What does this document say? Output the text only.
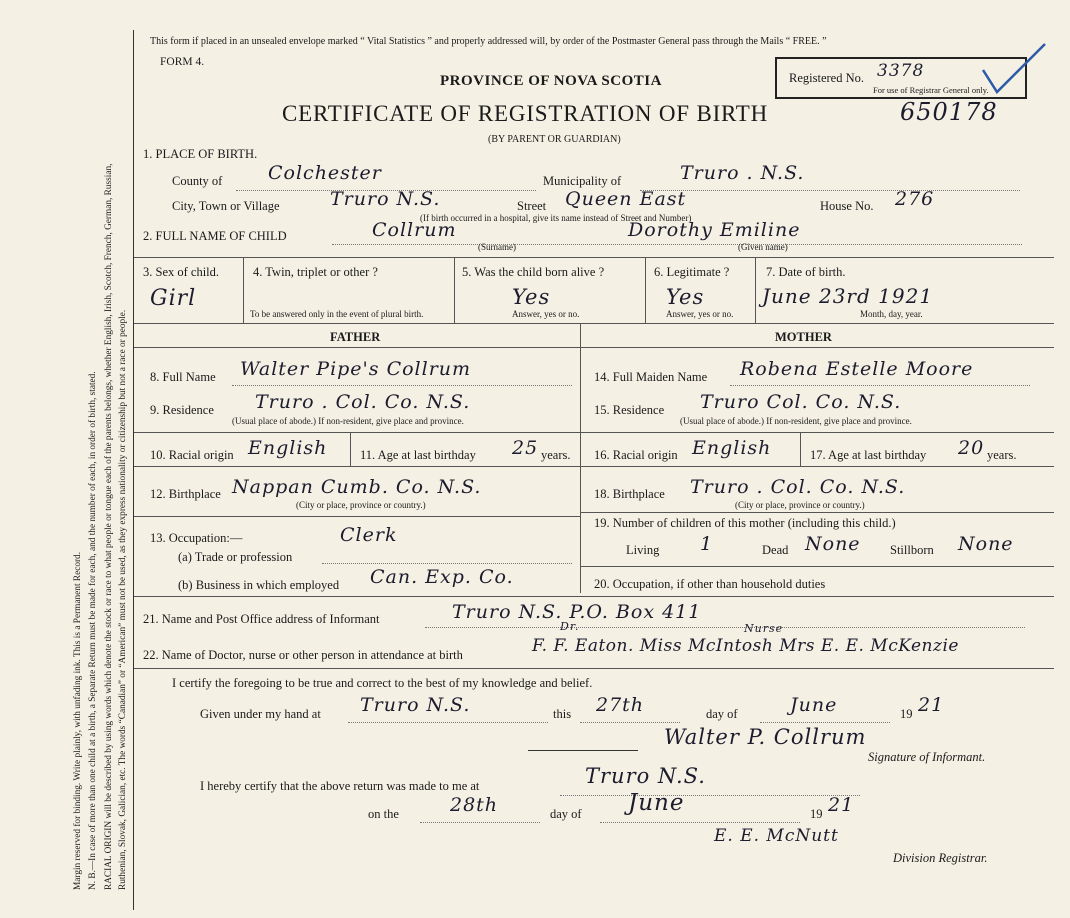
Margin reserved for binding. Write plainly, with unfading ink. This is a Permanent Record. N. B.—In case of more than one child at a birth, a Separate Return must be made for each, and the number of each, in order of birth, stated. RACIAL ORIGIN will be described by using words which denote the stock or race to what people or tongue each of the parents belongs, whether English, Irish, Scotch, French, German, Russian, Ruthenian, Slovak, Galician, etc. The words “Canadian” or “American” must not be used, as they express nationality or citizenship but not a race or people.
This form if placed in an unsealed envelope marked “ Vital Statistics ” and properly addressed will, by order of the Postmaster General pass through the Mails “ FREE. ”
FORM 4.
PROVINCE OF NOVA SCOTIA
CERTIFICATE OF REGISTRATION OF BIRTH	650178
(BY PARENT OR GUARDIAN)
Registered No. 3378
For use of Registrar General only.
1. PLACE OF BIRTH.
County of Colchester	Municipality of	Truro . N.S.
City, Town or Village	Truro N.S.	Street Queen East	House No. 276
(If birth occurred in a hospital, give its name instead of Street and Number)
2. FULL NAME OF CHILD	Collrum	Dorothy Emiline
(Surname)	(Given name)
3. Sex of child.
Girl
4. Twin, triplet or other ?
To be answered only in the event of plural birth.
5. Was the child born alive ?
Yes
Answer, yes or no.
6. Legitimate ?
Yes
Answer, yes or no.
7. Date of birth.
June 23rd 1921
Month, day, year.
FATHER	MOTHER
8. Full Name Walter Pipe's Collrum
9. Residence Truro . Col. Co. N.S.
(Usual place of abode.) If non-resident, give place and province.
10. Racial origin English	11. Age at last birthday 25 years.
12. Birthplace Nappan Cumb. Co. N.S.
(City or place, province or country.)
13. Occupation:—	Clerk
(a) Trade or profession
(b) Business in which employed Can. Exp. Co.
14. Full Maiden Name Robena Estelle Moore
15. Residence Truro Col. Co. N.S.
(Usual place of abode.) If non-resident, give place and province.
16. Racial origin English	17. Age at last birthday 20 years.
18. Birthplace Truro . Col. Co. N.S.
(City or place, province or country.)
19. Number of children of this mother (including this child.)
Living 1	Dead None Stillborn None
20. Occupation, if other than household duties
21. Name and Post Office address of Informant	Truro N.S. P.O. Box 411
22. Name of Doctor, nurse or other person in attendance at birth	F. F. Eaton. Miss McIntosh Mrs E. E. McKenzie
Dr.	Nurse
I certify the foregoing to be true and correct to the best of my knowledge and belief.
Given under my hand at Truro N.S.	this 27th	day of	June	19 21
Walter P. Collrum
Signature of Informant.
I hereby certify that the above return was made to me at	Truro N.S.
on the	28th	day of June	19 21
E. E. McNutt
Division Registrar.
